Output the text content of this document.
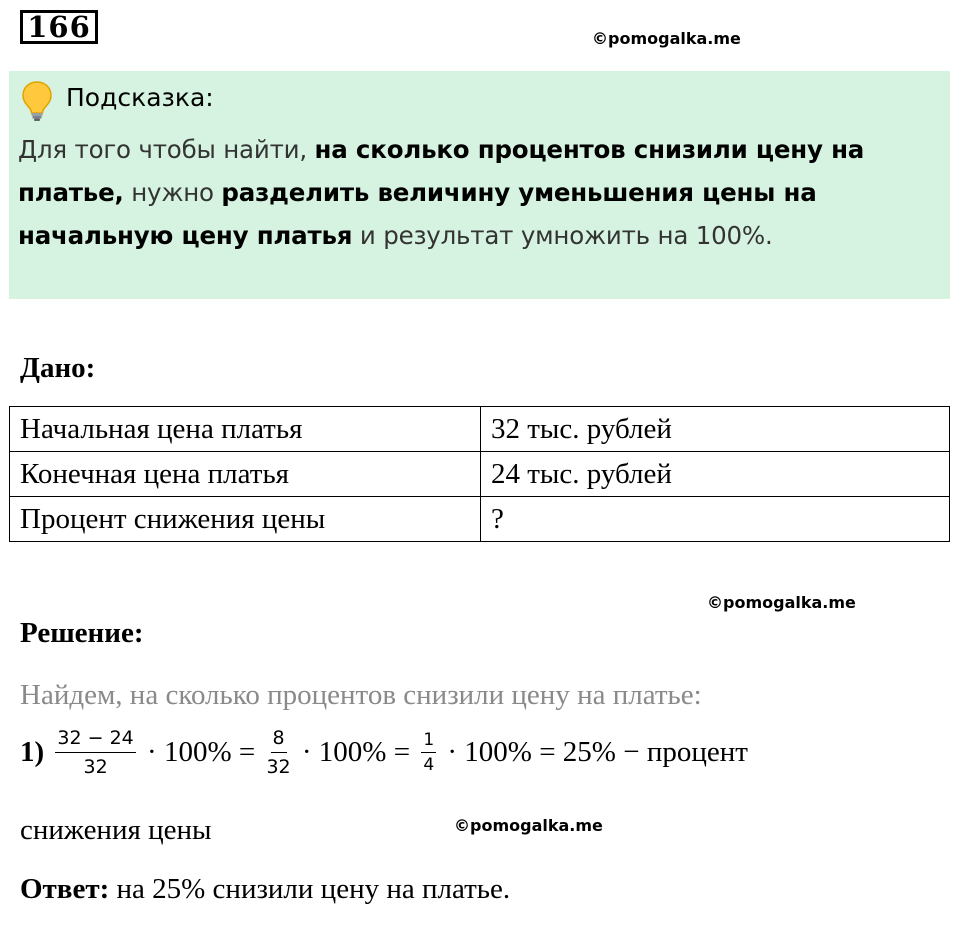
166	©pomogalka.me
Подсказка:
Для того чтобы найти, на сколько процентов снизили цену на платье, нужно разделить величину уменьшения цены на начальную цену платья и результат умножить на 100%.
Дано:
Начальная цена платья	32 тыс. рублей
Конечная цена платья	24 тыс. рублей
Процент снижения цены	?
©pomogalka.me
Решение:
Найдем, на сколько процентов снизили цену на платье:
$1) \frac{32 - 24}{32} \cdot 100\% = \frac{8}{32} \cdot 100\% = \frac{1}{4} \cdot 100\% = 25\%$ − процент
снижения цены	©pomogalka.me
Ответ: на 25% снизили цену на платье.
